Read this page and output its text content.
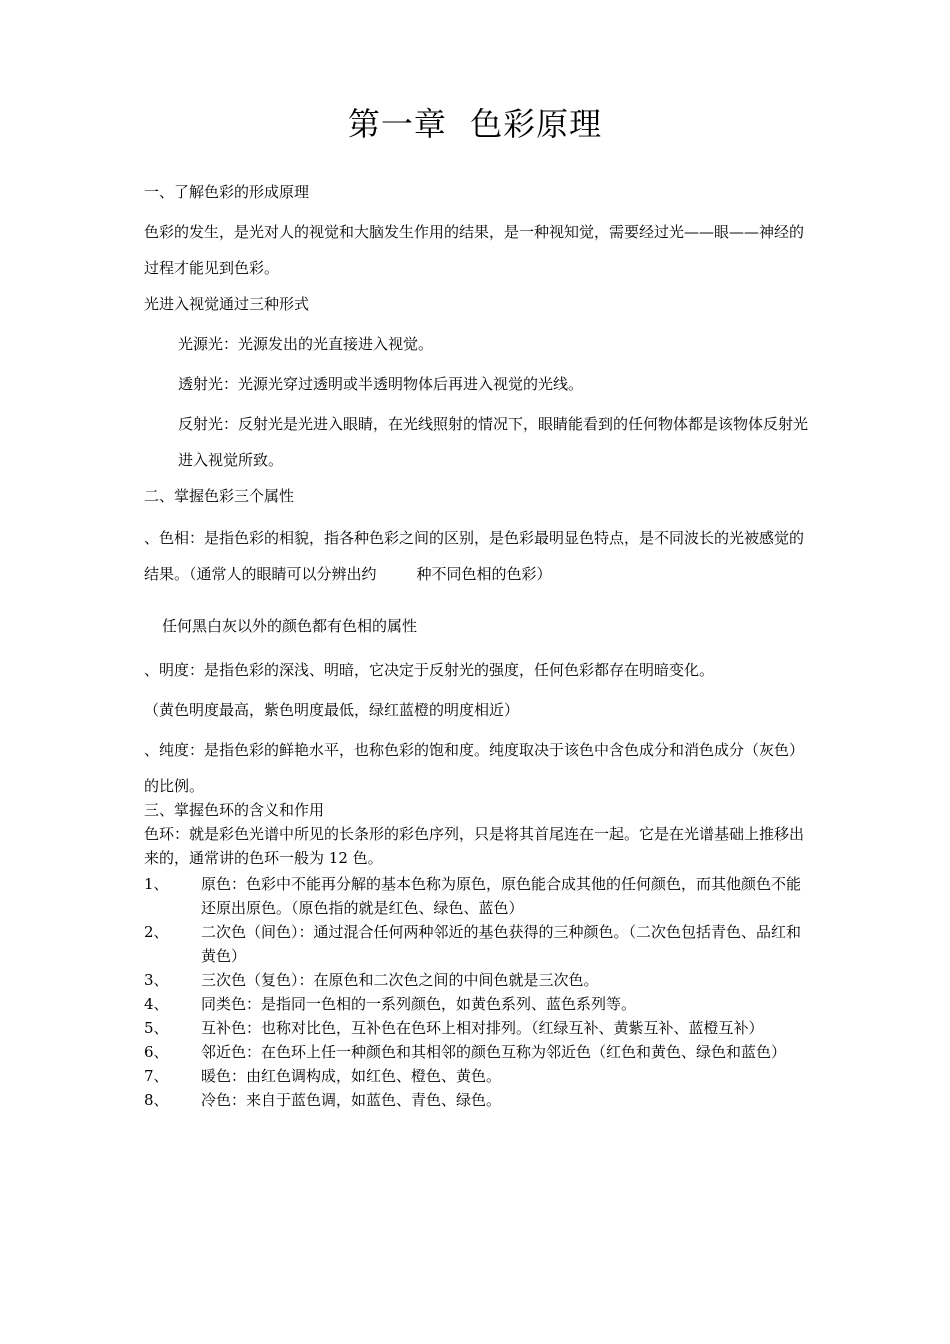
第一章 色彩原理

一、了解色彩的形成原理

色彩的发生，是光对人的视觉和大脑发生作用的结果，是一种视知觉，需要经过光——眼——神经的过程才能见到色彩。

光进入视觉通过三种形式

光源光：光源发出的光直接进入视觉。

透射光：光源光穿过透明或半透明物体后再进入视觉的光线。

反射光：反射光是光进入眼睛，在光线照射的情况下，眼睛能看到的任何物体都是该物体反射光进入视觉所致。

二、掌握色彩三个属性

、色相：是指色彩的相貌，指各种色彩之间的区别，是色彩最明显色特点，是不同波长的光被感觉的结果。（通常人的眼睛可以分辨出约	种不同色相的色彩）

任何黑白灰以外的颜色都有色相的属性

、明度：是指色彩的深浅、明暗，它决定于反射光的强度，任何色彩都存在明暗变化。

（黄色明度最高，紫色明度最低，绿红蓝橙的明度相近）

、纯度：是指色彩的鲜艳水平，也称色彩的饱和度。纯度取决于该色中含色成分和消色成分（灰色）的比例。

三、掌握色环的含义和作用

色环：就是彩色光谱中所见的长条形的彩色序列，只是将其首尾连在一起。它是在光谱基础上推移出来的，通常讲的色环一般为 12 色。

1、	原色：色彩中不能再分解的基本色称为原色，原色能合成其他的任何颜色，而其他颜色不能还原出原色。（原色指的就是红色、绿色、蓝色）
2、	二次色（间色）：通过混合任何两种邻近的基色获得的三种颜色。（二次色包括青色、品红和黄色）
3、	三次色（复色）：在原色和二次色之间的中间色就是三次色。
4、	同类色：是指同一色相的一系列颜色，如黄色系列、蓝色系列等。
5、	互补色：也称对比色，互补色在色环上相对排列。（红绿互补、黄紫互补、蓝橙互补）
6、	邻近色：在色环上任一种颜色和其相邻的颜色互称为邻近色（红色和黄色、绿色和蓝色）
7、	暖色：由红色调构成，如红色、橙色、黄色。
8、	冷色：来自于蓝色调，如蓝色、青色、绿色。
